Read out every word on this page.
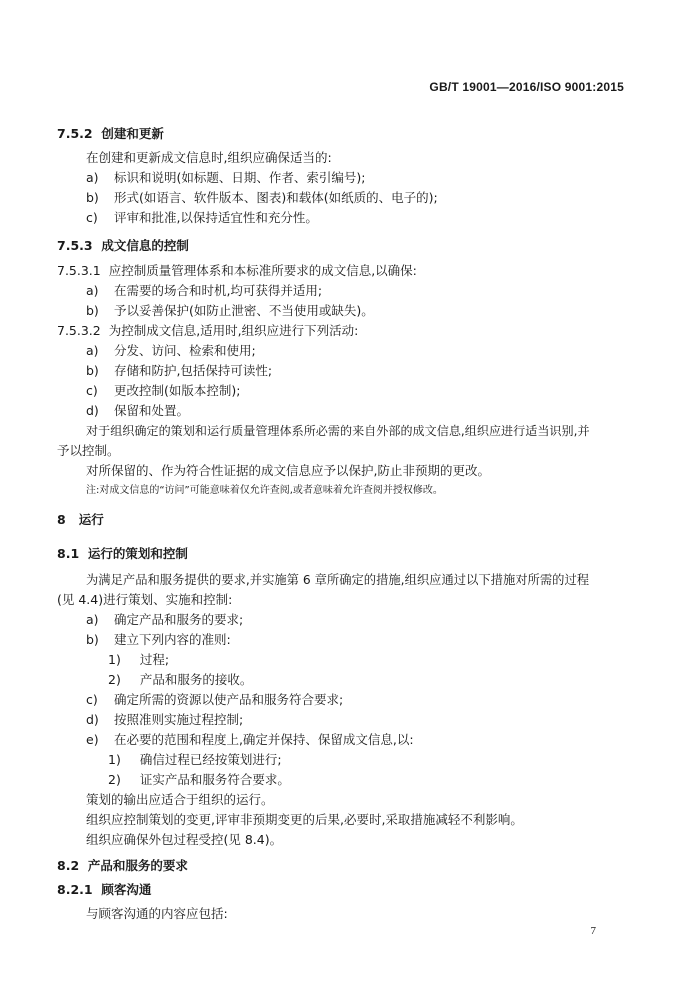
GB/T 19001—2016/ISO 9001:2015
7.5.2 创建和更新
在创建和更新成文信息时,组织应确保适当的:
a) 标识和说明(如标题、日期、作者、索引编号);
b) 形式(如语言、软件版本、图表)和载体(如纸质的、电子的);
c) 评审和批准,以保持适宜性和充分性。
7.5.3 成文信息的控制
7.5.3.1 应控制质量管理体系和本标准所要求的成文信息,以确保:
a) 在需要的场合和时机,均可获得并适用;
b) 予以妥善保护(如防止泄密、不当使用或缺失)。
7.5.3.2 为控制成文信息,适用时,组织应进行下列活动:
a) 分发、访问、检索和使用;
b) 存储和防护,包括保持可读性;
c) 更改控制(如版本控制);
d) 保留和处置。
对于组织确定的策划和运行质量管理体系所必需的来自外部的成文信息,组织应进行适当识别,并
予以控制。
对所保留的、作为符合性证据的成文信息应予以保护,防止非预期的更改。
注:对成文信息的“访问”可能意味着仅允许查阅,或者意味着允许查阅并授权修改。
8 运行
8.1 运行的策划和控制
为满足产品和服务提供的要求,并实施第 6 章所确定的措施,组织应通过以下措施对所需的过程
(见 4.4)进行策划、实施和控制:
a) 确定产品和服务的要求;
b) 建立下列内容的准则:
1) 过程;
2) 产品和服务的接收。
c) 确定所需的资源以使产品和服务符合要求;
d) 按照准则实施过程控制;
e) 在必要的范围和程度上,确定并保持、保留成文信息,以:
1) 确信过程已经按策划进行;
2) 证实产品和服务符合要求。
策划的输出应适合于组织的运行。
组织应控制策划的变更,评审非预期变更的后果,必要时,采取措施减轻不利影响。
组织应确保外包过程受控(见 8.4)。
8.2 产品和服务的要求
8.2.1 顾客沟通
与顾客沟通的内容应包括:
7
